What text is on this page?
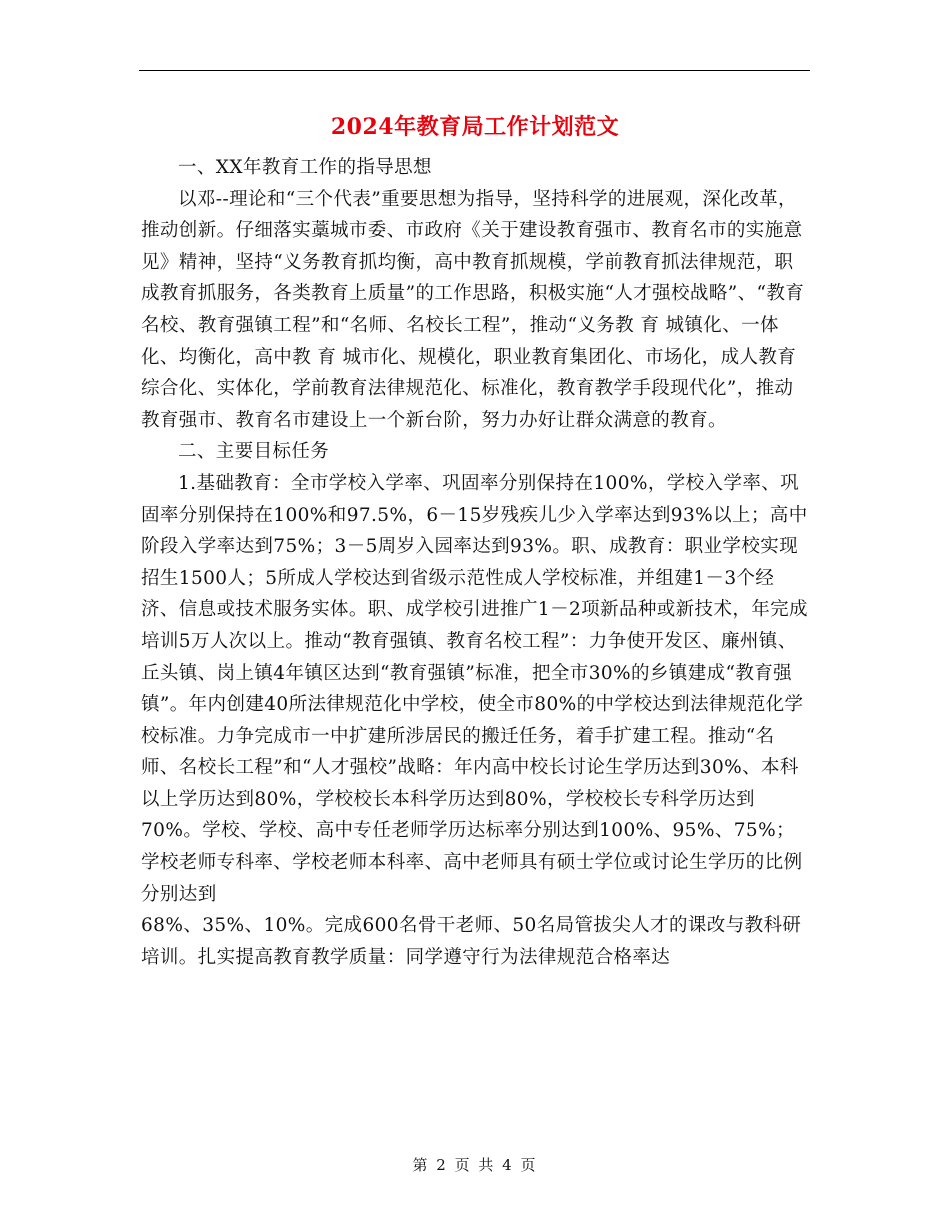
2024年教育局工作计划范文

一、XX年教育工作的指导思想

以邓--理论和“三个代表”重要思想为指导，坚持科学的进展观，深化改革，推动创新。仔细落实藁城市委、市政府《关于建设教育强市、教育名市的实施意见》精神，坚持“义务教育抓均衡，高中教育抓规模，学前教育抓法律规范，职成教育抓服务，各类教育上质量”的工作思路，积极实施“人才强校战略”、“教育名校、教育强镇工程”和“名师、名校长工程”，推动“义务教 育 城镇化、一体化、均衡化，高中教 育 城市化、规模化，职业教育集团化、市场化，成人教育综合化、实体化，学前教育法律规范化、标准化，教育教学手段现代化”，推动教育强市、教育名市建设上一个新台阶，努力办好让群众满意的教育。

二、主要目标任务

1.基础教育：全市学校入学率、巩固率分别保持在100%，学校入学率、巩固率分别保持在100%和97.5%，6－15岁残疾儿少入学率达到93%以上；高中阶段入学率达到75%；3－5周岁入园率达到93%。职、成教育：职业学校实现招生1500人；5所成人学校达到省级示范性成人学校标准，并组建1－3个经济、信息或技术服务实体。职、成学校引进推广1－2项新品种或新技术，年完成培训5万人次以上。推动“教育强镇、教育名校工程”：力争使开发区、廉州镇、丘头镇、岗上镇4年镇区达到“教育强镇”标准，把全市30%的乡镇建成“教育强镇”。年内创建40所法律规范化中学校，使全市80%的中学校达到法律规范化学校标准。力争完成市一中扩建所涉居民的搬迁任务，着手扩建工程。推动“名师、名校长工程”和“人才强校”战略：年内高中校长讨论生学历达到30%、本科以上学历达到80%，学校校长本科学历达到80%，学校校长专科学历达到70%。学校、学校、高中专任老师学历达标率分别达到100%、95%、75%；学校老师专科率、学校老师本科率、高中老师具有硕士学位或讨论生学历的比例分别达到

68%、35%、10%。完成600名骨干老师、50名局管拔尖人才的课改与教科研培训。扎实提高教育教学质量：同学遵守行为法律规范合格率达

第 2 页 共 4 页
